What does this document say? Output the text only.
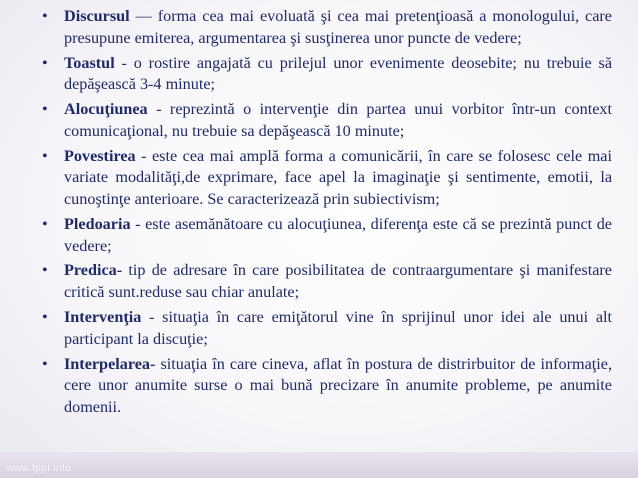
•	Discursul — forma cea mai evoluată şi cea mai pretenţioasă a monologului, care presupune emiterea, argumentarea şi susţinerea unor puncte de vedere;
•	Toastul - o rostire angajată cu prilejul unor evenimente deosebite; nu trebuie să depăşească 3-4 minute;
•	Alocuţiunea - reprezintă o intervenţie din partea unui vorbitor într-un context comunicaţional, nu trebuie sa depăşească 10 minute;
•	Povestirea - este cea mai amplă forma a comunicării, în care se folosesc cele mai variate modalităţi,de exprimare, face apel la imaginaţie şi sentimente, emotii, la cunoştinţe anterioare. Se caracterizează prin subiectivism;
•	Pledoaria - este asemănătoare cu alocuţiunea, diferenţa este că se prezintă punct de vedere;
•	Predica- tip de adresare în care posibilitatea de contraargumentare şi manifestare critică sunt.reduse sau chiar anulate;
•	Intervenţia - situaţia în care emiţătorul vine în sprijinul unor idei ale unui alt participant la discuţie;
•	Interpelarea- situaţia în care cineva, aflat în postura de distrirbuitor de informaţie, cere unor anumite surse o mai bună precizare în anumite probleme, pe anumite domenii.
www.fppt.info
